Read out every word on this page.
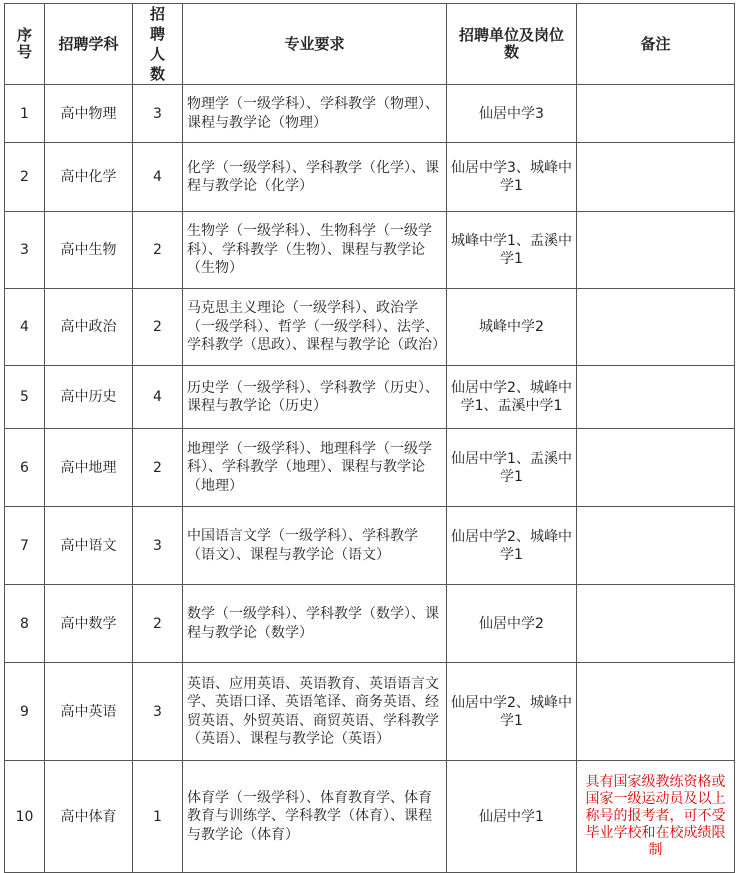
序号	招聘学科	招聘人数	专业要求	招聘单位及岗位数	备注
1	高中物理	3	物理学（一级学科）、学科教学（物理）、课程与教学论（物理）	仙居中学3	
2	高中化学	4	化学（一级学科）、学科教学（化学）、课程与教学论（化学）	仙居中学3、城峰中学1	
3	高中生物	2	生物学（一级学科）、生物科学（一级学科）、学科教学（生物）、课程与教学论（生物）	城峰中学1、盂溪中学1	
4	高中政治	2	马克思主义理论（一级学科）、政治学（一级学科）、哲学（一级学科）、法学、学科教学（思政）、课程与教学论（政治）	城峰中学2	
5	高中历史	4	历史学（一级学科）、学科教学（历史）、课程与教学论（历史）	仙居中学2、城峰中学1、盂溪中学1	
6	高中地理	2	地理学（一级学科）、地理科学（一级学科）、学科教学（地理）、课程与教学论（地理）	仙居中学1、盂溪中学1	
7	高中语文	3	中国语言文学（一级学科）、学科教学（语文）、课程与教学论（语文）	仙居中学2、城峰中学1	
8	高中数学	2	数学（一级学科）、学科教学（数学）、课程与教学论（数学）	仙居中学2	
9	高中英语	3	英语、应用英语、英语教育、英语语言文学、英语口译、英语笔译、商务英语、经贸英语、外贸英语、商贸英语、学科教学（英语）、课程与教学论（英语）	仙居中学2、城峰中学1	
10	高中体育	1	体育学（一级学科）、体育教育学、体育教育与训练学、学科教学（体育）、课程与教学论（体育）	仙居中学1	具有国家级教练资格或国家一级运动员及以上称号的报考者，可不受毕业学校和在校成绩限制
